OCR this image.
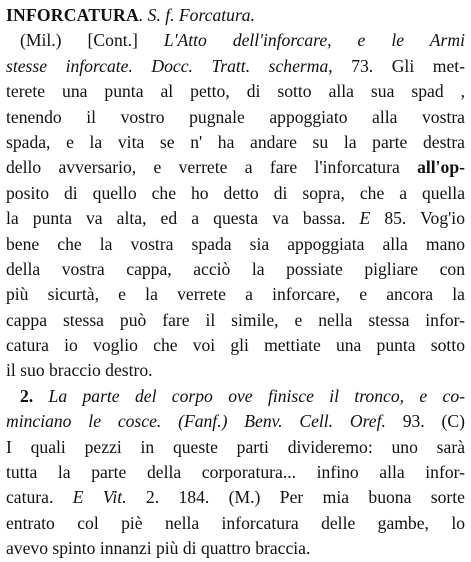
INFORCATURA. S. f. Forcatura.
(Mil.) [Cont.] L'Atto dell'inforcare, e le Armi
stesse inforcate. Docc. Tratt. scherma, 73. Gli met-
terete una punta al petto, di sotto alla sua spad ,
tenendo il vostro pugnale appoggiato alla vostra
spada, e la vita se n' ha andare su la parte destra
dello avversario, e verrete a fare l'inforcatura all'op-
posito di quello che ho detto di sopra, che a quella
la punta va alta, ed a questa va bassa. E 85. Vog'io
bene che la vostra spada sia appoggiata alla mano
della vostra cappa, acciò la possiate pigliare con
più sicurtà, e la verrete a inforcare, e ancora la
cappa stessa può fare il simile, e nella stessa infor-
catura io voglio che voi gli mettiate una punta sotto
il suo braccio destro.
2. La parte del corpo ove finisce il tronco, e co-
minciano le cosce. (Fanf.) Benv. Cell. Oref. 93. (C)
I quali pezzi in queste parti divideremo: uno sarà
tutta la parte della corporatura... infino alla infor-
catura. E Vit. 2. 184. (M.) Per mia buona sorte
entrato col piè nella inforcatura delle gambe, lo
avevo spinto innanzi più di quattro braccia.
